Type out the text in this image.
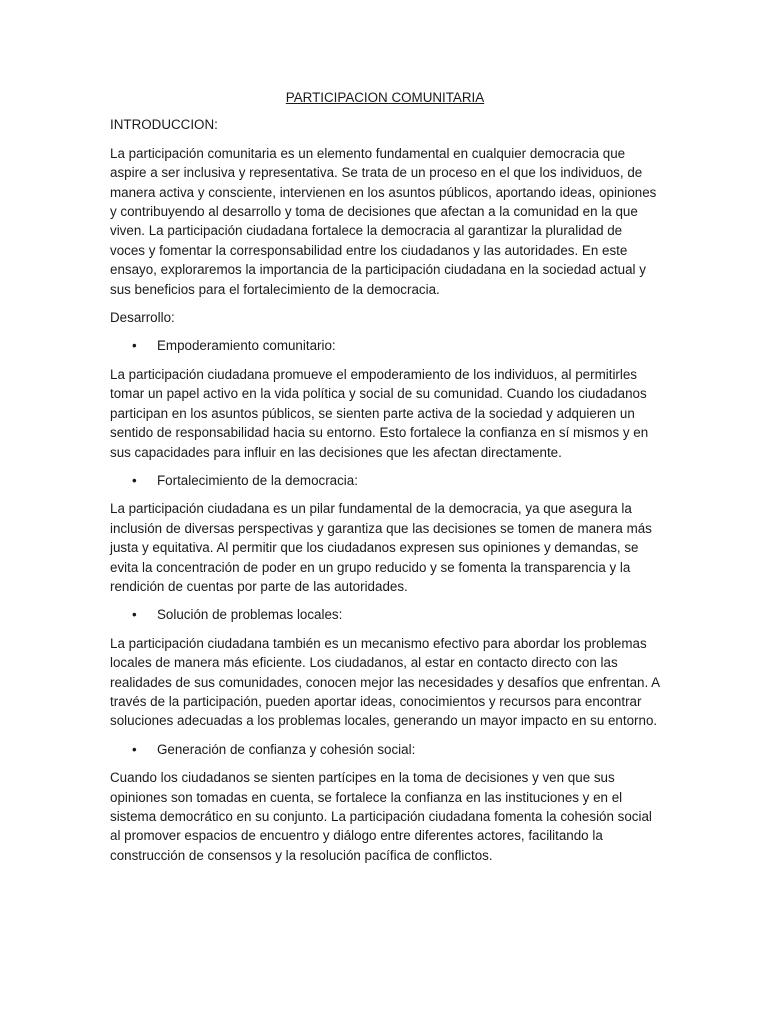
PARTICIPACION COMUNITARIA
INTRODUCCION:

La participación comunitaria es un elemento fundamental en cualquier democracia que aspire a ser inclusiva y representativa. Se trata de un proceso en el que los individuos, de manera activa y consciente, intervienen en los asuntos públicos, aportando ideas, opiniones y contribuyendo al desarrollo y toma de decisiones que afectan a la comunidad en la que viven. La participación ciudadana fortalece la democracia al garantizar la pluralidad de voces y fomentar la corresponsabilidad entre los ciudadanos y las autoridades. En este ensayo, exploraremos la importancia de la participación ciudadana en la sociedad actual y sus beneficios para el fortalecimiento de la democracia.

Desarrollo:
• Empoderamiento comunitario:

La participación ciudadana promueve el empoderamiento de los individuos, al permitirles tomar un papel activo en la vida política y social de su comunidad. Cuando los ciudadanos participan en los asuntos públicos, se sienten parte activa de la sociedad y adquieren un sentido de responsabilidad hacia su entorno. Esto fortalece la confianza en sí mismos y en sus capacidades para influir en las decisiones que les afectan directamente.

• Fortalecimiento de la democracia:

La participación ciudadana es un pilar fundamental de la democracia, ya que asegura la inclusión de diversas perspectivas y garantiza que las decisiones se tomen de manera más justa y equitativa. Al permitir que los ciudadanos expresen sus opiniones y demandas, se evita la concentración de poder en un grupo reducido y se fomenta la transparencia y la rendición de cuentas por parte de las autoridades.

• Solución de problemas locales:

La participación ciudadana también es un mecanismo efectivo para abordar los problemas locales de manera más eficiente. Los ciudadanos, al estar en contacto directo con las realidades de sus comunidades, conocen mejor las necesidades y desafíos que enfrentan. A través de la participación, pueden aportar ideas, conocimientos y recursos para encontrar soluciones adecuadas a los problemas locales, generando un mayor impacto en su entorno.

• Generación de confianza y cohesión social:

Cuando los ciudadanos se sienten partícipes en la toma de decisiones y ven que sus opiniones son tomadas en cuenta, se fortalece la confianza en las instituciones y en el sistema democrático en su conjunto. La participación ciudadana fomenta la cohesión social al promover espacios de encuentro y diálogo entre diferentes actores, facilitando la construcción de consensos y la resolución pacífica de conflictos.
